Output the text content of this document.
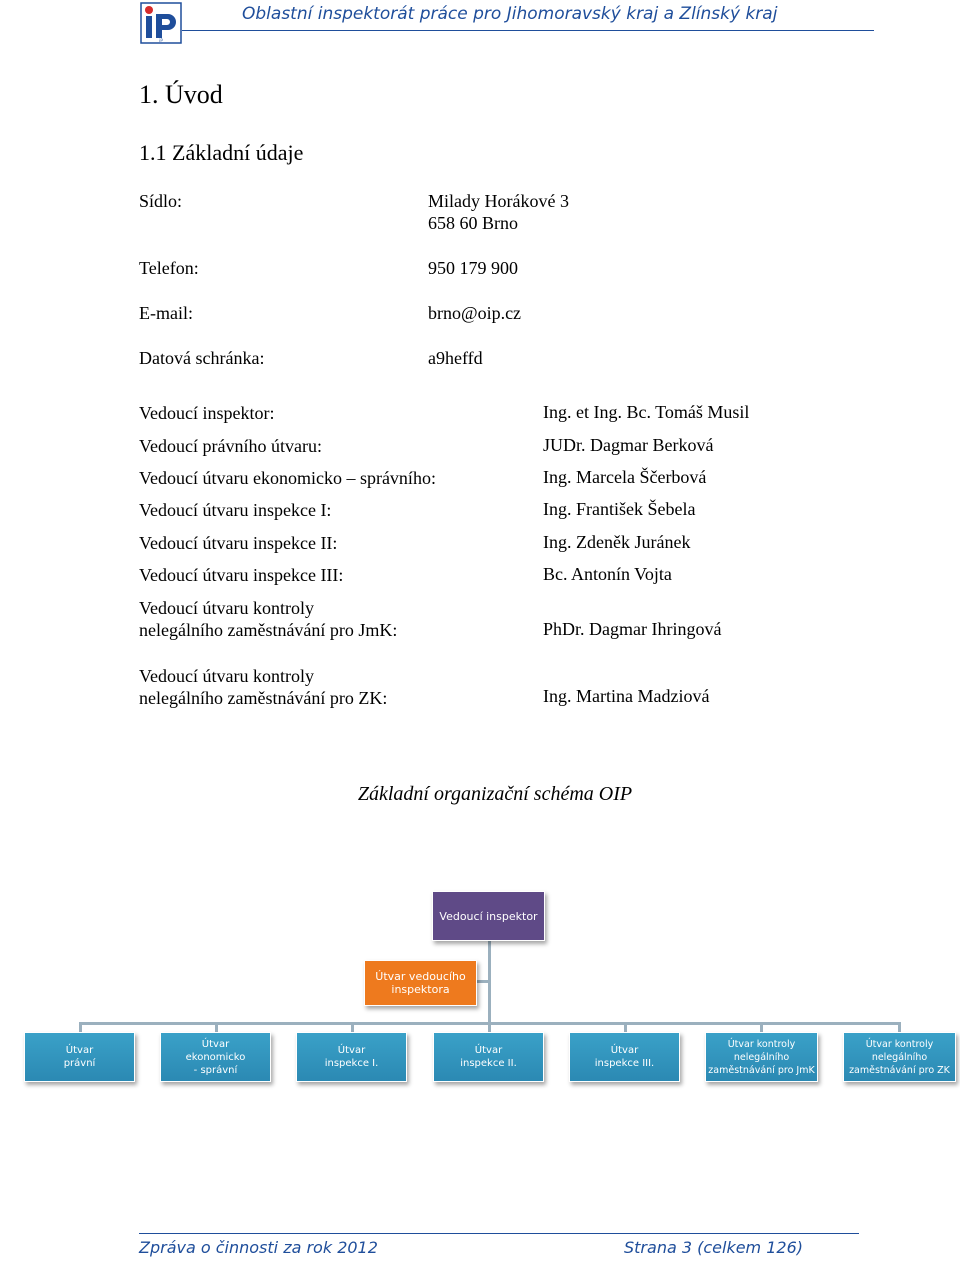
iP
Oblastní inspektorát práce pro Jihomoravský kraj a Zlínský kraj
1. Úvod
1.1 Základní údaje
Sídlo:	Milady Horákové 3
658 60 Brno
Telefon:	950 179 900
E-mail:	brno@oip.cz
Datová schránka:	a9heffd
Vedoucí inspektor:	Ing. et Ing. Bc. Tomáš Musil
Vedoucí právního útvaru:	JUDr. Dagmar Berková
Vedoucí útvaru ekonomicko – správního:	Ing. Marcela Ščerbová
Vedoucí útvaru inspekce I:	Ing. František Šebela
Vedoucí útvaru inspekce II:	Ing. Zdeněk Juránek
Vedoucí útvaru inspekce III:	Bc. Antonín Vojta
Vedoucí útvaru kontroly
nelegálního zaměstnávání pro JmK:	PhDr. Dagmar Ihringová
Vedoucí útvaru kontroly
nelegálního zaměstnávání pro ZK:	Ing. Martina Madziová
Základní organizační schéma OIP
Vedoucí inspektor
Útvar vedoucího
inspektora
Útvar
právní

Útvar
ekonomicko
- správní
Útvar
inspekce I.

Útvar
inspekce II.

Útvar
inspekce III.

Útvar kontroly
nelegálního
zaměstnávání pro JmK
Útvar kontroly
nelegálního
zaměstnávání pro ZK
Zpráva o činnosti za rok 2012	Strana 3 (celkem 126)
